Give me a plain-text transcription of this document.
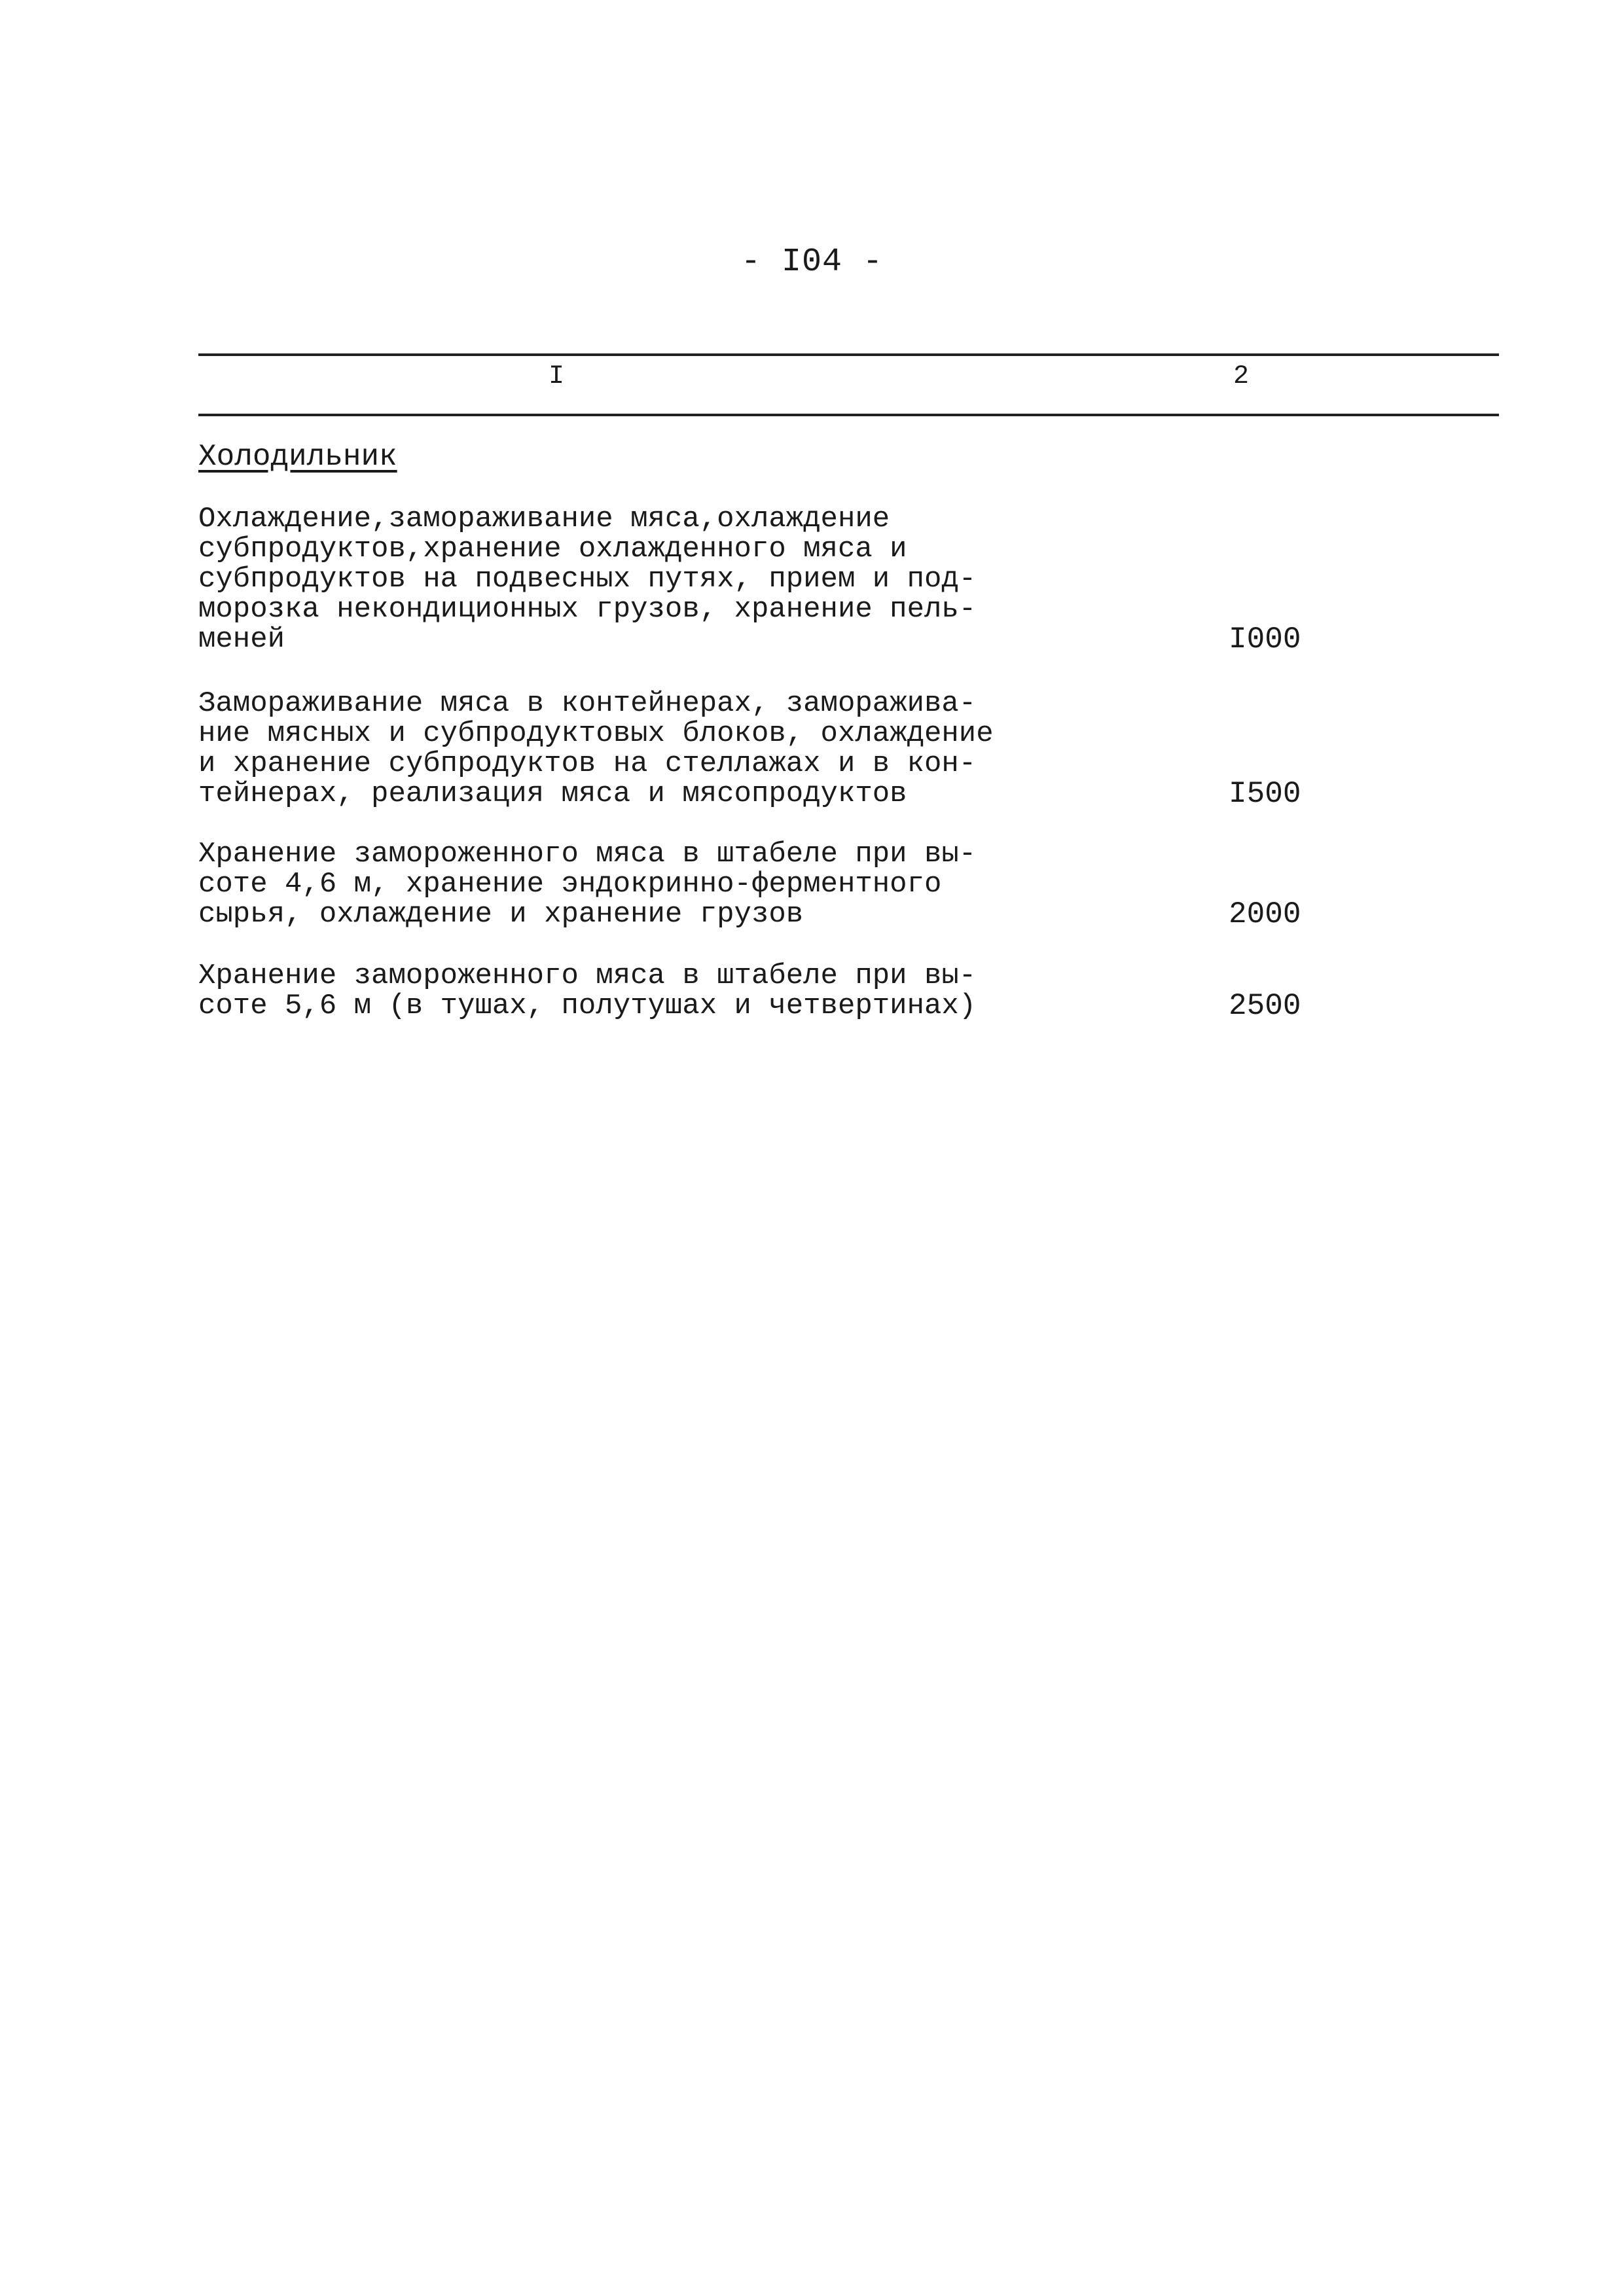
- I04 -
I	2
Холодильник
Охлаждение,замораживание мяса,охлаждение
субпродуктов,хранение охлажденного мяса и
субпродуктов на подвесных путях, прием и под-
морозка некондиционных грузов, хранение пель-
меней	I000
Замораживание мяса в контейнерах, заморажива-
ние мясных и субпродуктовых блоков, охлаждение
и хранение субпродуктов на стеллажах и в кон-
тейнерах, реализация мяса и мясопродуктов	I500
Хранение замороженного мяса в штабеле при вы-
соте 4,6 м, хранение эндокринно-ферментного
сырья, охлаждение и хранение грузов	2000
Хранение замороженного мяса в штабеле при вы-
соте 5,6 м (в тушах, полутушах и четвертинах)	2500
